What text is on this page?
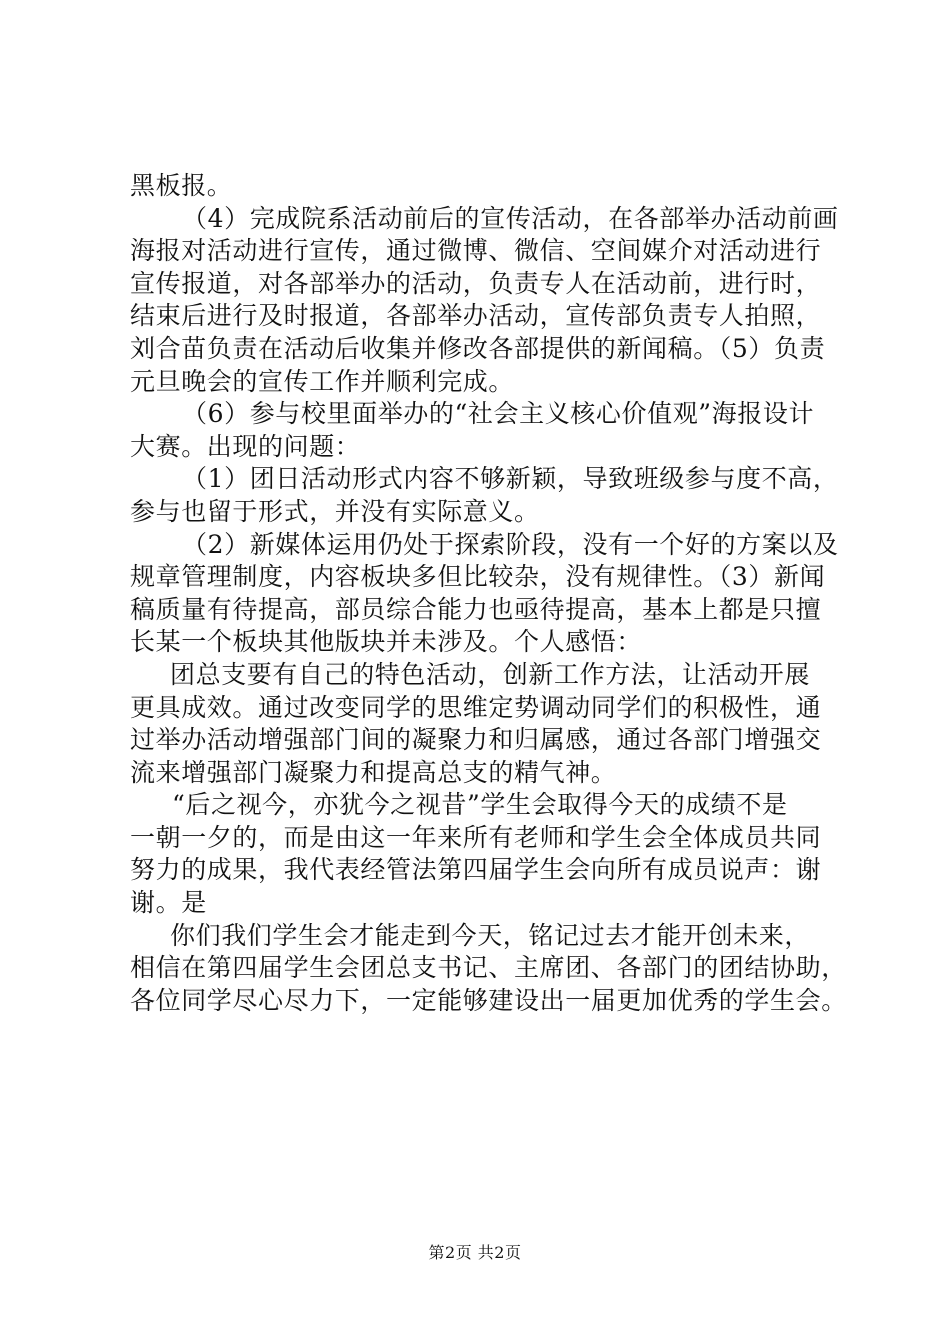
黑板报。
（4）完成院系活动前后的宣传活动，在各部举办活动前画
海报对活动进行宣传，通过微博、微信、空间媒介对活动进行
宣传报道，对各部举办的活动，负责专人在活动前，进行时，
结束后进行及时报道，各部举办活动，宣传部负责专人拍照，
刘合苗负责在活动后收集并修改各部提供的新闻稿。（5）负责
元旦晚会的宣传工作并顺利完成。
（6）参与校里面举办的“社会主义核心价值观”海报设计
大赛。出现的问题：
（1）团日活动形式内容不够新颖，导致班级参与度不高，
参与也留于形式，并没有实际意义。
（2）新媒体运用仍处于探索阶段，没有一个好的方案以及
规章管理制度，内容板块多但比较杂，没有规律性。（3）新闻
稿质量有待提高，部员综合能力也亟待提高，基本上都是只擅
长某一个板块其他版块并未涉及。个人感悟：
团总支要有自己的特色活动，创新工作方法，让活动开展
更具成效。通过改变同学的思维定势调动同学们的积极性，通
过举办活动增强部门间的凝聚力和归属感，通过各部门增强交
流来增强部门凝聚力和提高总支的精气神。
“后之视今，亦犹今之视昔”学生会取得今天的成绩不是
一朝一夕的，而是由这一年来所有老师和学生会全体成员共同
努力的成果，我代表经管法第四届学生会向所有成员说声：谢
谢。是
你们我们学生会才能走到今天，铭记过去才能开创未来，
相信在第四届学生会团总支书记、主席团、各部门的团结协助，
各位同学尽心尽力下，一定能够建设出一届更加优秀的学生会。
第2页 共2页
